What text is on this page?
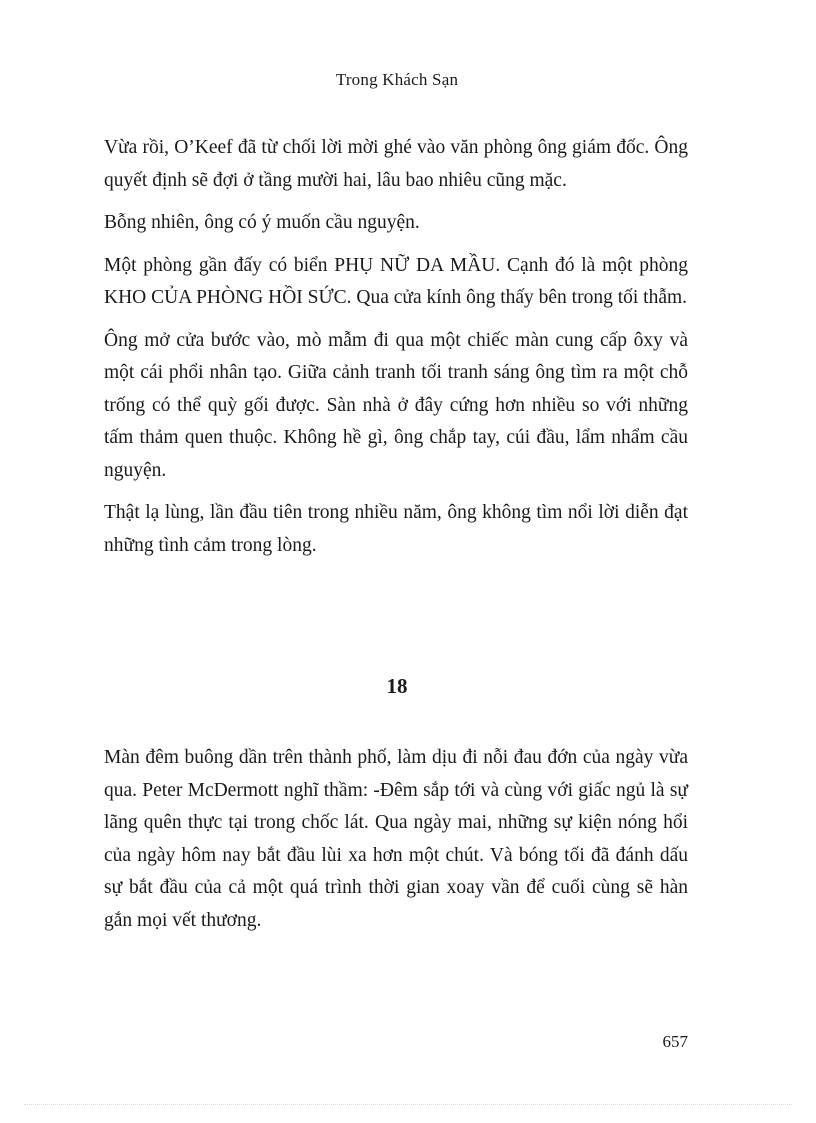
Trong Khách Sạn

Vừa rồi, O’Keef đã từ chối lời mời ghé vào văn phòng ông giám đốc. Ông quyết định sẽ đợi ở tầng mười hai, lâu bao nhiêu cũng mặc.

Bỗng nhiên, ông có ý muốn cầu nguyện.

Một phòng gần đấy có biển PHỤ NỮ DA MẦU. Cạnh đó là một phòng KHO CỦA PHÒNG HỒI SỨC. Qua cửa kính ông thấy bên trong tối thẫm.

Ông mở cửa bước vào, mò mẫm đi qua một chiếc màn cung cấp ôxy và một cái phổi nhân tạo. Giữa cảnh tranh tối tranh sáng ông tìm ra một chỗ trống có thể quỳ gối được. Sàn nhà ở đây cứng hơn nhiều so với những tấm thảm quen thuộc. Không hề gì, ông chắp tay, cúi đầu, lẩm nhẩm cầu nguyện.

Thật lạ lùng, lần đầu tiên trong nhiều năm, ông không tìm nổi lời diễn đạt những tình cảm trong lòng.

18

Màn đêm buông dần trên thành phố, làm dịu đi nỗi đau đớn của ngày vừa qua. Peter McDermott nghĩ thầm: -Đêm sắp tới và cùng với giấc ngủ là sự lãng quên thực tại trong chốc lát. Qua ngày mai, những sự kiện nóng hổi của ngày hôm nay bắt đầu lùi xa hơn một chút. Và bóng tối đã đánh dấu sự bắt đầu của cả một quá trình thời gian xoay vần để cuối cùng sẽ hàn gắn mọi vết thương.

657
